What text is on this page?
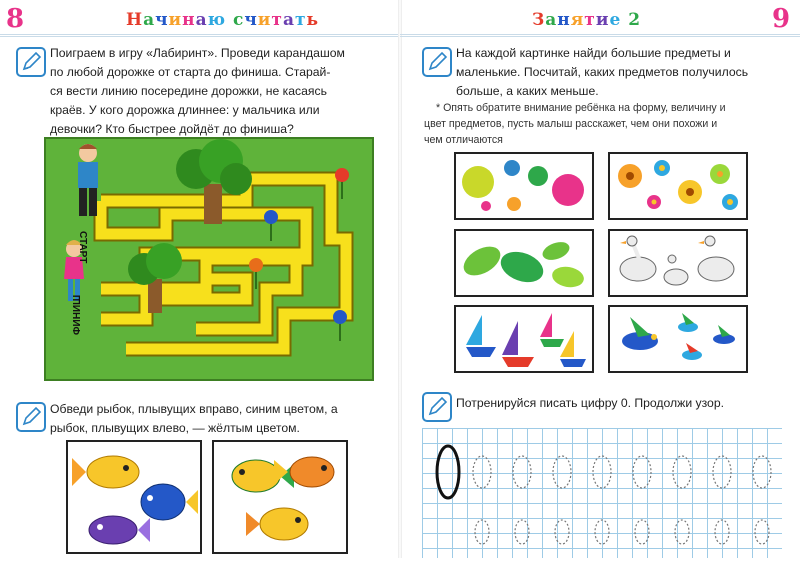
8	Начинаю считать
Поиграем в игру «Лабиринт». Проведи карандашом
по любой дорожке от старта до финиша. Старай-
ся вести линию посередине дорожки, не касаясь
краёв. У кого дорожка длиннее: у мальчика или
девочки? Кто быстрее дойдёт до финиша?
СТАРТ
ФИНИШ
Обведи рыбок, плывущих вправо, синим цветом, а
рыбок, плывущих влево, — жёлтым цветом.
Занятие 2	9
На каждой картинке найди большие предметы и
маленькие. Посчитай, каких предметов получилось
больше, а каких меньше.
* Опять обратите внимание ребёнка на форму, величину и
цвет предметов, пусть малыш расскажет, чем они похожи и
чем отличаются
Потренируйся писать цифру 0. Продолжи узор.
